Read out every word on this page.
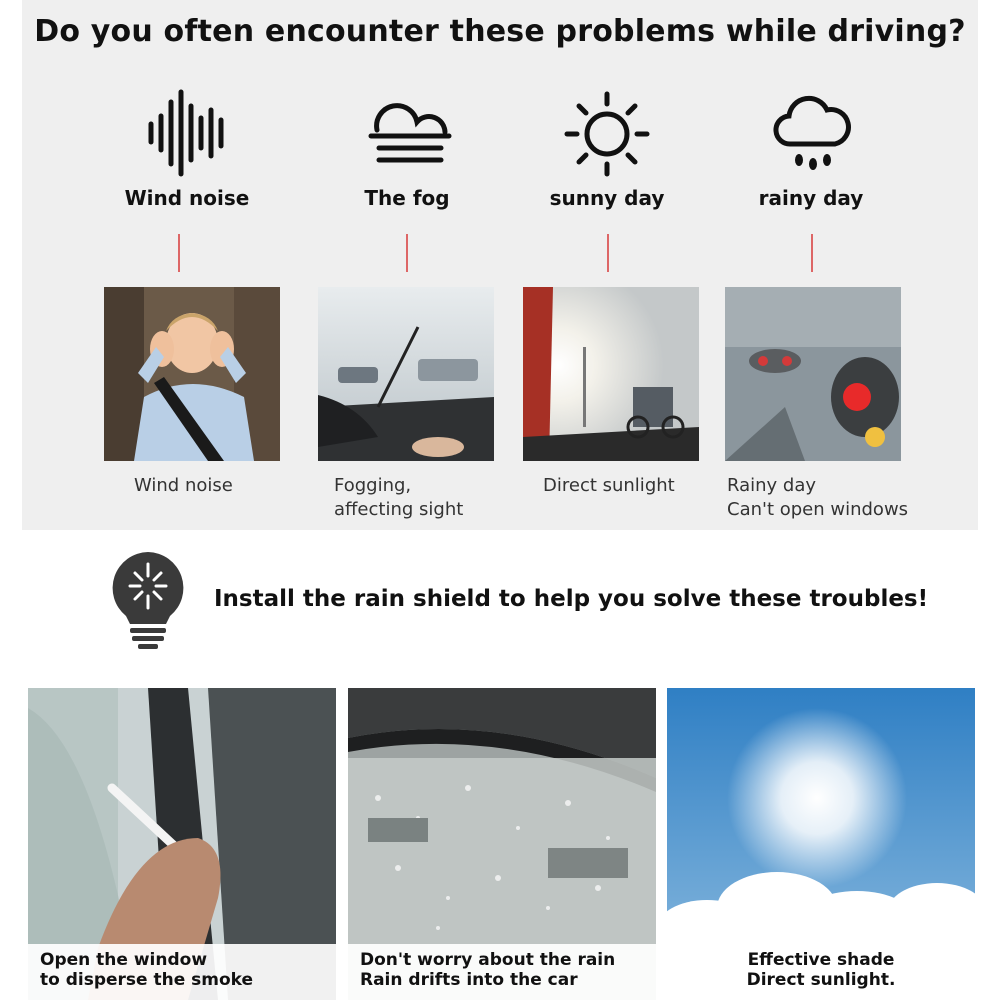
Do you often encounter these problems while driving?
Wind noise	The fog	sunny day	rainy day
Wind noise	Fogging,
affecting sight
Direct sunlight	Rainy day
Can't open windows
Install the rain shield to help you solve these troubles!
Open the window
to disperse the smoke
Don't worry about the rain
Rain drifts into the car
Effective shade
Direct sunlight.
